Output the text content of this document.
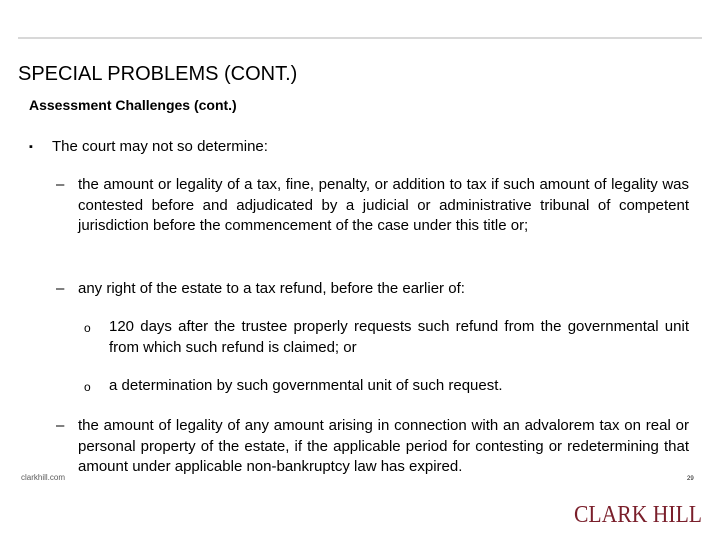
SPECIAL PROBLEMS (CONT.)
Assessment Challenges (cont.)
▪ The court may not so determine:
– the amount or legality of a tax, fine, penalty, or addition to tax if such amount of legality was contested before and adjudicated by a judicial or administrative tribunal of competent jurisdiction before the commencement of the case under this title or;
– any right of the estate to a tax refund, before the earlier of:
o 120 days after the trustee properly requests such refund from the governmental unit from which such refund is claimed; or
o a determination by such governmental unit of such request.
– the amount of legality of any amount arising in connection with an advalorem tax on real or personal property of the estate, if the applicable period for contesting or redetermining that amount under applicable non-bankruptcy law has expired.
29
clarkhill.com
CLARK HILL
